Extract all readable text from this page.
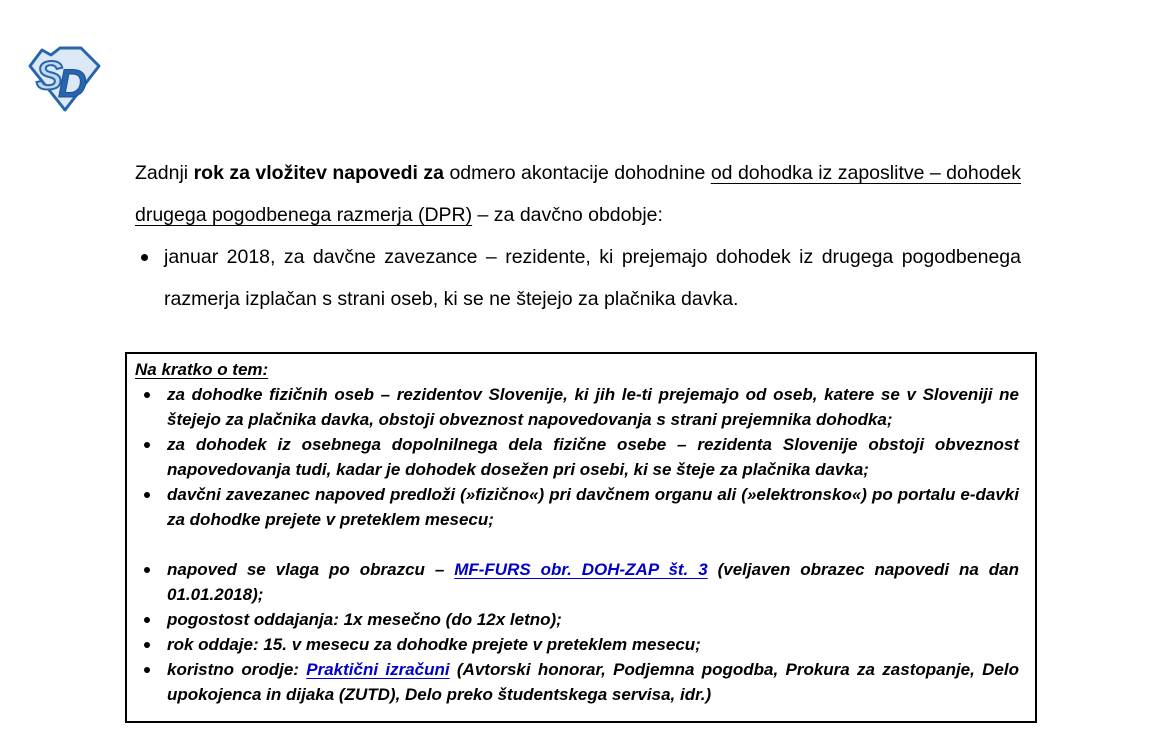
S
D

Zadnji rok za vložitev napovedi za odmero akontacije dohodnine od dohodka iz zaposlitve – dohodek drugega pogodbenega razmerja (DPR) – za davčno obdobje:

januar 2018, za davčne zavezance – rezidente, ki prejemajo dohodek iz drugega pogodbenega razmerja izplačan s strani oseb, ki se ne štejejo za plačnika davka.

Na kratko o tem:

za dohodke fizičnih oseb – rezidentov Slovenije, ki jih le-ti prejemajo od oseb, katere se v Sloveniji ne štejejo za plačnika davka, obstoji obveznost napovedovanja s strani prejemnika dohodka;
za dohodek iz osebnega dopolnilnega dela fizične osebe – rezidenta Slovenije obstoji obveznost napovedovanja tudi, kadar je dohodek dosežen pri osebi, ki se šteje za plačnika davka;
davčni zavezanec napoved predloži (»fizično«) pri davčnem organu ali (»elektronsko«) po portalu e-davki za dohodke prejete v preteklem mesecu;
napoved se vlaga po obrazcu – MF-FURS obr. DOH-ZAP št. 3 (veljaven obrazec napovedi na dan 01.01.2018);
pogostost oddajanja: 1x mesečno (do 12x letno);
rok oddaje: 15. v mesecu za dohodke prejete v preteklem mesecu;
koristno orodje: Praktični izračuni (Avtorski honorar, Podjemna pogodba, Prokura za zastopanje, Delo upokojenca in dijaka (ZUTD), Delo preko študentskega servisa, idr.)
